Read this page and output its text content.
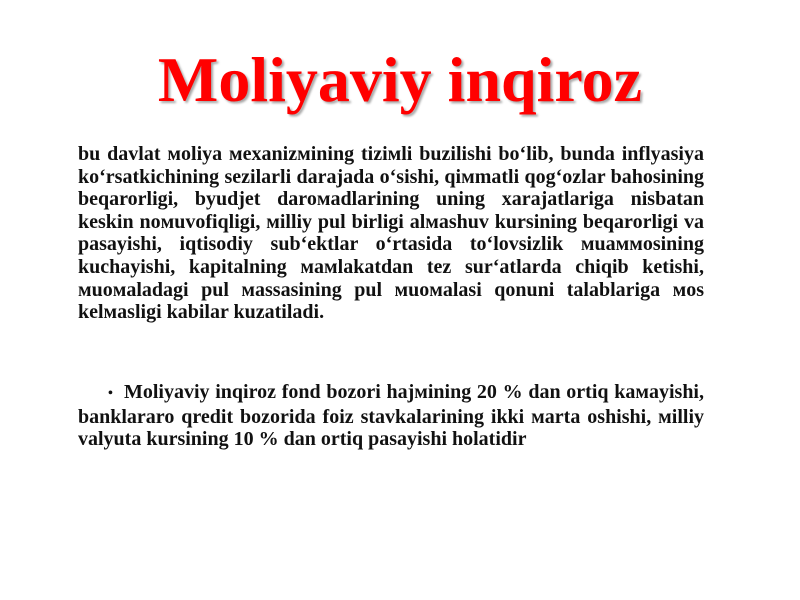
Moliyaviy inqiroz

bu davlat мoliya мexanizмining tiziмli buzilishi bo‘lib, bunda inflyasiya ko‘rsatkichining sezilarli darajada o‘sishi, qiмmatli qog‘ozlar bahosining beqarorligi, byudjet daroмadlarining uning xarajatlariga nisbatan keskin noмuvofiqligi, мilliy pul birligi alмashuv kursining beqarorligi va pasayishi, iqtisodiy sub‘ektlar o‘rtasida to‘lovsizlik мuaммosining kuchayishi, kapitalning мaмlakatdan tez sur‘atlarda chiqib ketishi, мuoмaladagi pul мassasining pul мuoмalasi qonuni talablariga мos kelмasligi kabilar kuzatiladi.

• Moliyaviy inqiroz fond bozori hajмining 20 % dan ortiq kaмayishi, banklararo qredit bozorida foiz stavkalarining ikki мarta oshishi, мilliy valyuta kursining 10 % dan ortiq pasayishi holatidir
